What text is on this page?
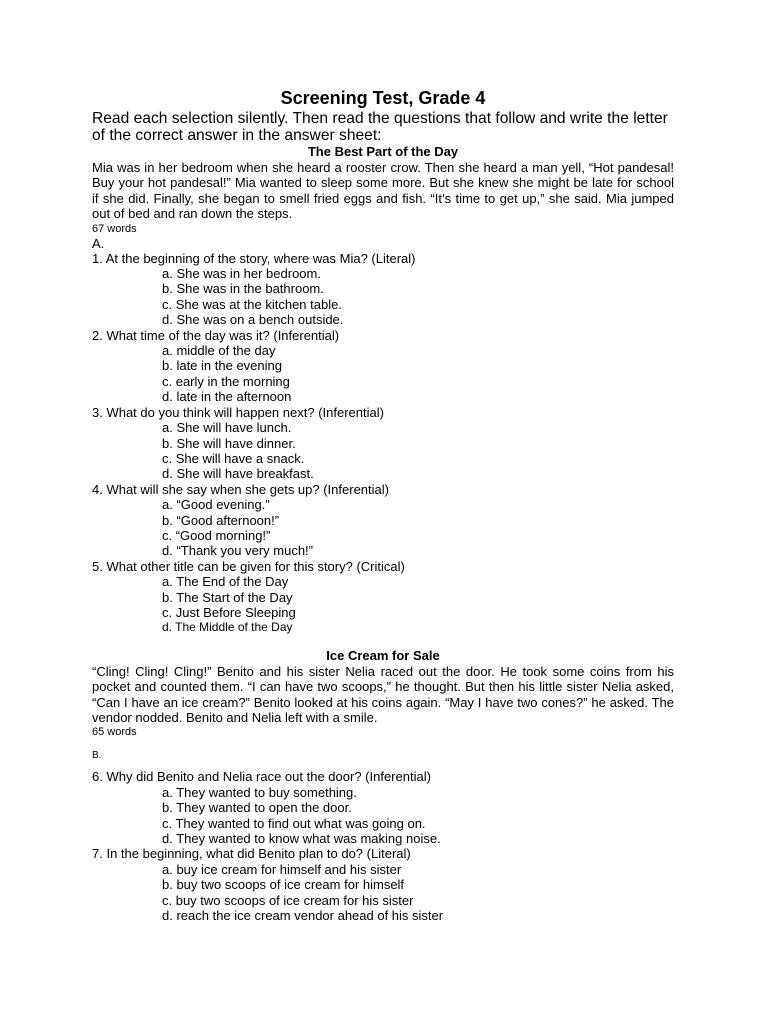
Screening Test, Grade 4

Read each selection silently. Then read the questions that follow and write the letter of the correct answer in the answer sheet:

The Best Part of the Day

Mia was in her bedroom when she heard a rooster crow. Then she heard a man yell, “Hot pandesal! Buy your hot pandesal!” Mia wanted to sleep some more. But she knew she might be late for school if she did. Finally, she began to smell fried eggs and fish. “It’s time to get up,” she said. Mia jumped out of bed and ran down the steps.

67 words

A.

1. At the beginning of the story, where was Mia? (Literal)

a. She was in her bedroom.

b. She was in the bathroom.

c. She was at the kitchen table.

d. She was on a bench outside.

2. What time of the day was it? (Inferential)

a. middle of the day

b. late in the evening

c. early in the morning

d. late in the afternoon

3. What do you think will happen next? (Inferential)

a. She will have lunch.

b. She will have dinner.

c. She will have a snack.

d. She will have breakfast.

4. What will she say when she gets up? (Inferential)

a. “Good evening.”

b. “Good afternoon!”

c. “Good morning!”

d. “Thank you very much!”

5. What other title can be given for this story? (Critical)

a. The End of the Day

b. The Start of the Day

c. Just Before Sleeping

d. The Middle of the Day

Ice Cream for Sale

“Cling! Cling! Cling!” Benito and his sister Nelia raced out the door. He took some coins from his pocket and counted them. “I can have two scoops,” he thought. But then his little sister Nelia asked, “Can I have an ice cream?” Benito looked at his coins again. “May I have two cones?” he asked. The vendor nodded. Benito and Nelia left with a smile.

65 words

B.

6. Why did Benito and Nelia race out the door? (Inferential)

a. They wanted to buy something.

b. They wanted to open the door.

c. They wanted to find out what was going on.

d. They wanted to know what was making noise.

7. In the beginning, what did Benito plan to do? (Literal)

a. buy ice cream for himself and his sister

b. buy two scoops of ice cream for himself

c. buy two scoops of ice cream for his sister

d. reach the ice cream vendor ahead of his sister
